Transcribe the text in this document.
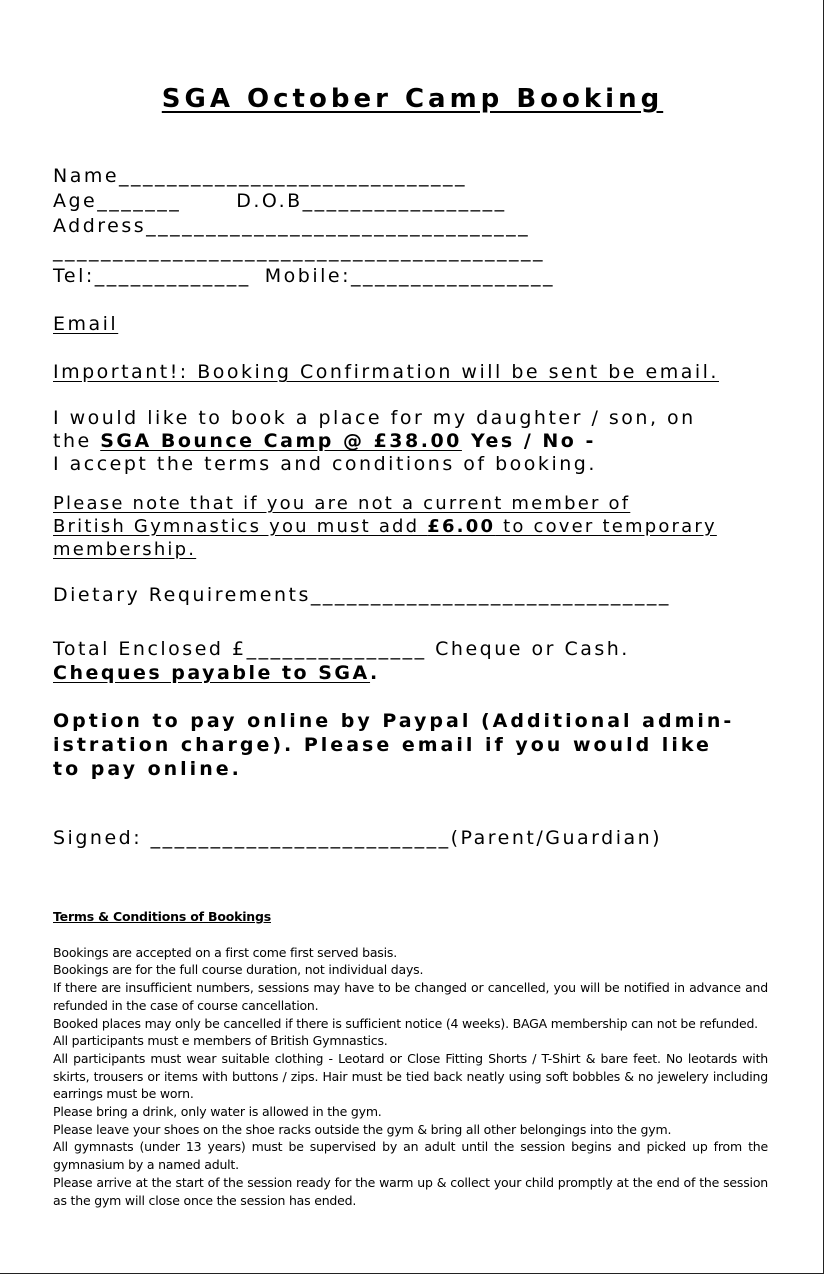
SGA October Camp Booking
Name_____________________________
Age_______	D.O.B_________________
Address________________________________
_________________________________________
Tel:_____________ Mobile:_________________
Email
Important!: Booking Confirmation will be sent be email.
I would like to book a place for my daughter / son, on
the SGA Bounce Camp @ £38.00 Yes / No -
I accept the terms and conditions of booking.
Please note that if you are not a current member of
British Gymnastics you must add £6.00 to cover temporary
membership.
Dietary Requirements______________________________
Total Enclosed £_______________ Cheque or Cash.
Cheques payable to SGA.
Option to pay online by Paypal (Additional admin-
istration charge). Please email if you would like
to pay online.
Signed: _________________________(Parent/Guardian)
Terms & Conditions of Bookings
Bookings are accepted on a first come first served basis.
Bookings are for the full course duration, not individual days.
If there are insufficient numbers, sessions may have to be changed or cancelled, you will be notified in advance and refunded in the case of course cancellation.
Booked places may only be cancelled if there is sufficient notice (4 weeks). BAGA membership can not be refunded.
All participants must e members of British Gymnastics.
All participants must wear suitable clothing - Leotard or Close Fitting Shorts / T-Shirt & bare feet. No leotards with skirts, trousers or items with buttons / zips. Hair must be tied back neatly using soft bobbles & no jewelery including earrings must be worn.
Please bring a drink, only water is allowed in the gym.
Please leave your shoes on the shoe racks outside the gym & bring all other belongings into the gym.
All gymnasts (under 13 years) must be supervised by an adult until the session begins and picked up from the gymnasium by a named adult.
Please arrive at the start of the session ready for the warm up & collect your child promptly at the end of the session as the gym will close once the session has ended.
